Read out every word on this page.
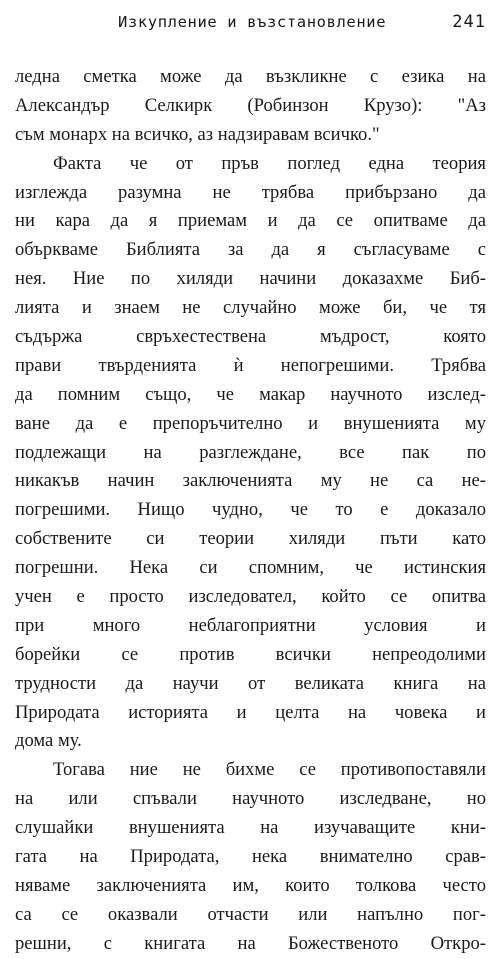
Изкупление и възстановление	241
ледна сметка може да възкликне с езика на
Александър Селкирк (Робинзон Крузо): "Аз
съм монарх на всичко, аз надзиравам всичко."
Факта че от пръв поглед една теория
изглежда разумна не трябва прибързано да
ни кара да я приемам и да се опитваме да
объркваме Библията за да я съгласуваме с
нея. Ние по хиляди начини доказахме Биб-
лията и знаем не случайно може би, че тя
съдържа свръхестествена мъдрост, която
прави твърденията ѝ непогрешими. Трябва
да помним също, че макар научното изслед-
ване да е препоръчително и внушенията му
подлежащи на разглеждане, все пак по
никакъв начин заключенията му не са не-
погрешими. Нищо чудно, че то е доказало
собствените си теории хиляди пъти като
погрешни. Нека си спомним, че истинския
учен е просто изследовател, който се опитва
при много неблагоприятни условия и
борейки се против всички непреодолими
трудности да научи от великата книга на
Природата историята и целта на човека и
дома му.
Тогава ние не бихме се противопоставяли
на или спъвали научното изследване, но
слушайки внушенията на изучаващите кни-
гата на Природата, нека внимателно срав-
няваме заключенията им, които толкова често
са се оказвали отчасти или напълно пог-
решни, с книгата на Божественото Откро-
